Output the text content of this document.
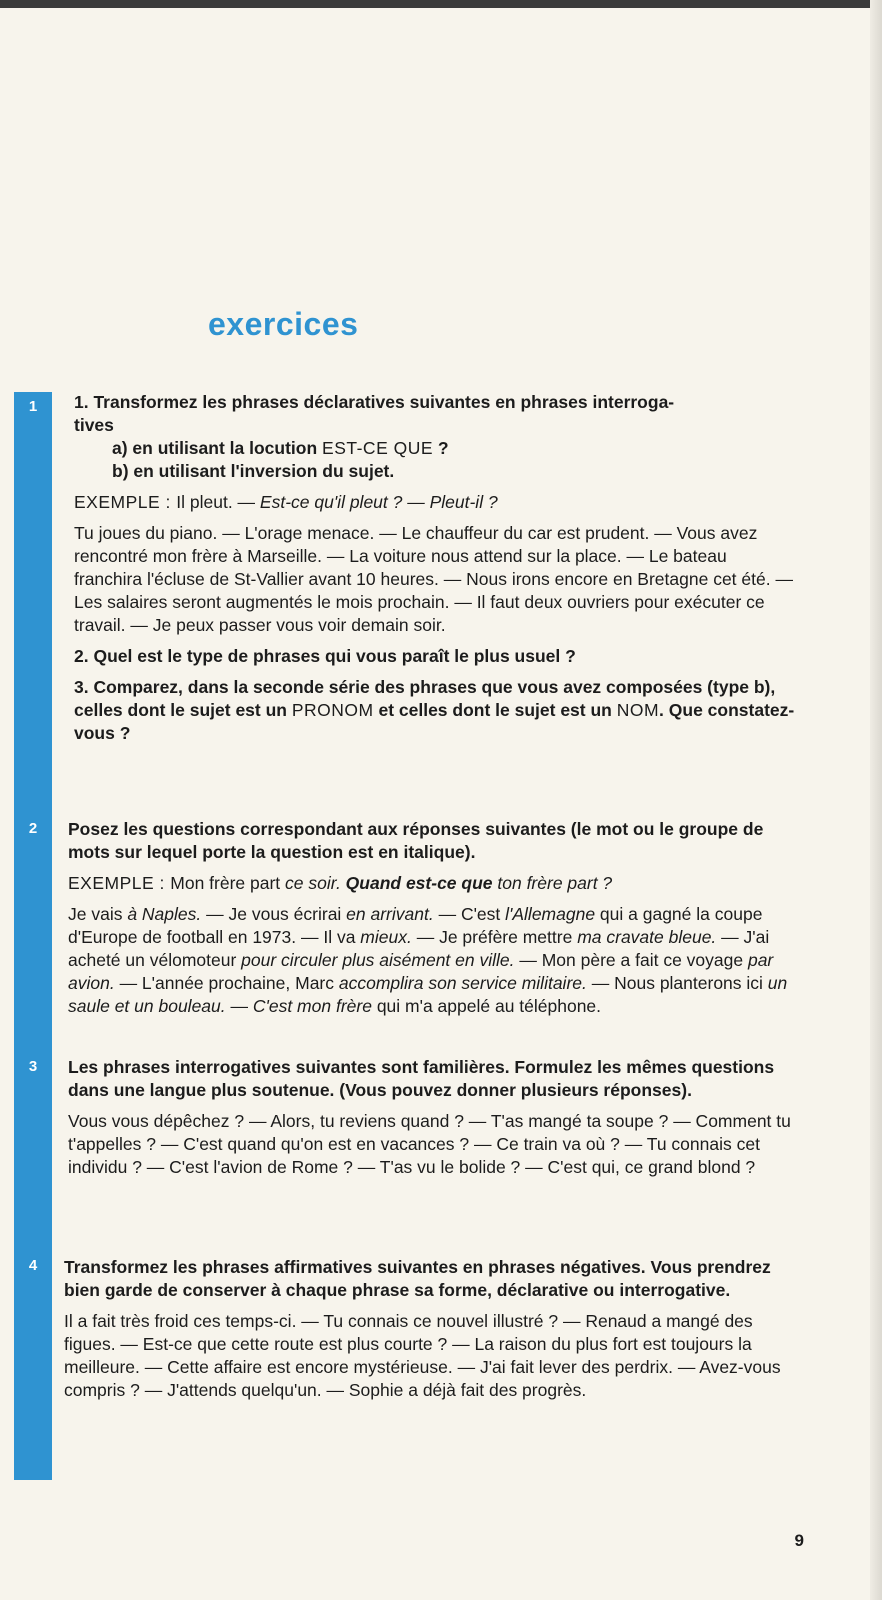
exercices
1
2
3
4

1. Transformez les phrases déclaratives suivantes en phrases interroga-

tives

a) en utilisant la locution EST-CE QUE ?

b) en utilisant l'inversion du sujet.

EXEMPLE : Il pleut. — Est-ce qu'il pleut ? — Pleut-il ?

Tu joues du piano. — L'orage menace. — Le chauffeur du car est prudent. — Vous avez rencontré mon frère à Marseille. — La voiture nous attend sur la place. — Le bateau franchira l'écluse de St-Vallier avant 10 heures. — Nous irons encore en Bretagne cet été. — Les salaires seront augmentés le mois prochain. — Il faut deux ouvriers pour exécuter ce travail. — Je peux passer vous voir demain soir.

2. Quel est le type de phrases qui vous paraît le plus usuel ?

3. Comparez, dans la seconde série des phrases que vous avez composées (type b), celles dont le sujet est un PRONOM et celles dont le sujet est un NOM. Que constatez-vous ?

Posez les questions correspondant aux réponses suivantes (le mot ou le groupe de mots sur lequel porte la question est en italique).

EXEMPLE : Mon frère part ce soir. Quand est-ce que ton frère part ?

Je vais à Naples. — Je vous écrirai en arrivant. — C'est l'Allemagne qui a gagné la coupe d'Europe de football en 1973. — Il va mieux. — Je préfère mettre ma cravate bleue. — J'ai acheté un vélomoteur pour circuler plus aisément en ville. — Mon père a fait ce voyage par avion. — L'année prochaine, Marc accomplira son service militaire. — Nous planterons ici un saule et un bouleau. — C'est mon frère qui m'a appelé au téléphone.

Les phrases interrogatives suivantes sont familières. Formulez les mêmes questions dans une langue plus soutenue. (Vous pouvez donner plusieurs réponses).

Vous vous dépêchez ? — Alors, tu reviens quand ? — T'as mangé ta soupe ? — Comment tu t'appelles ? — C'est quand qu'on est en vacances ? — Ce train va où ? — Tu connais cet individu ? — C'est l'avion de Rome ? — T'as vu le bolide ? — C'est qui, ce grand blond ?

Transformez les phrases affirmatives suivantes en phrases négatives. Vous prendrez bien garde de conserver à chaque phrase sa forme, déclarative ou interrogative.

Il a fait très froid ces temps-ci. — Tu connais ce nouvel illustré ? — Renaud a mangé des figues. — Est-ce que cette route est plus courte ? — La raison du plus fort est toujours la meilleure. — Cette affaire est encore mystérieuse. — J'ai fait lever des perdrix. — Avez-vous compris ? — J'attends quelqu'un. — Sophie a déjà fait des progrès.

9
